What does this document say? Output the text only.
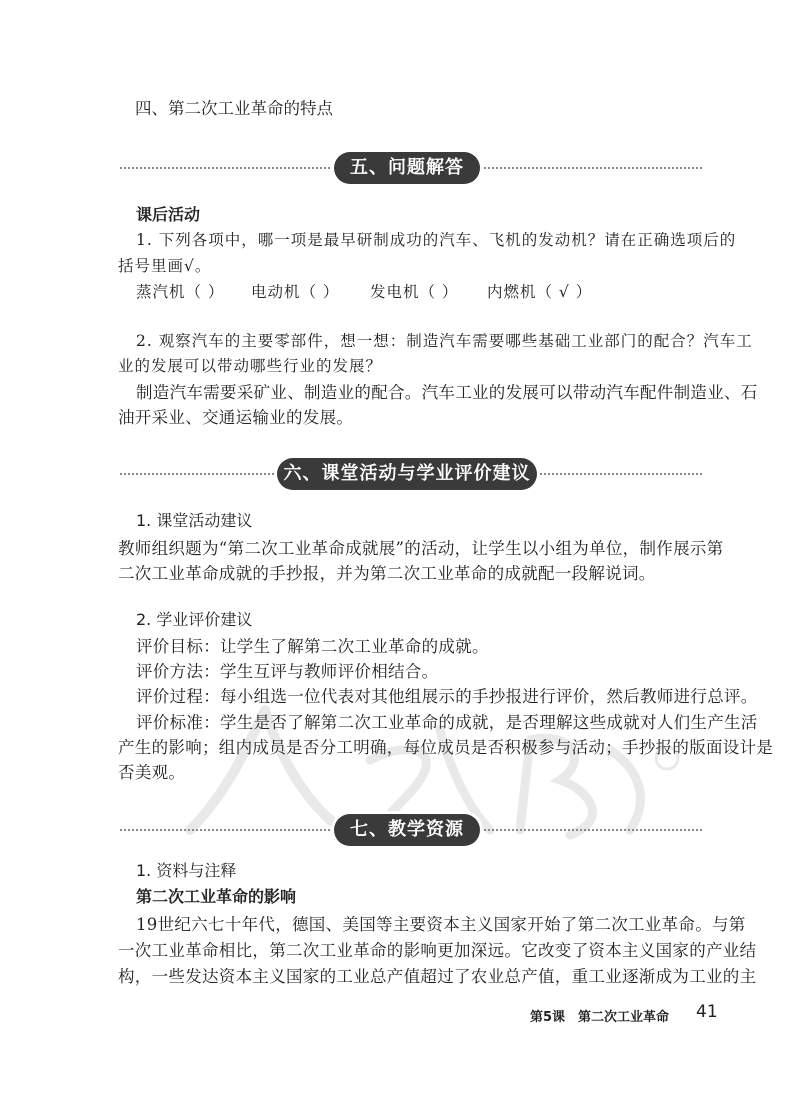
四、第二次工业革命的特点
五、问题解答
课后活动
1. 下列各项中，哪一项是最早研制成功的汽车、飞机的发动机？请在正确选项后的
括号里画√。
蒸汽机（ ） 电动机（ ） 发电机（ ） 内燃机（ √ ）
2. 观察汽车的主要零部件，想一想：制造汽车需要哪些基础工业部门的配合？汽车工
业的发展可以带动哪些行业的发展？
制造汽车需要采矿业、制造业的配合。汽车工业的发展可以带动汽车配件制造业、石
油开采业、交通运输业的发展。
六、课堂活动与学业评价建议
1. 课堂活动建议
教师组织题为“第二次工业革命成就展”的活动，让学生以小组为单位，制作展示第
二次工业革命成就的手抄报，并为第二次工业革命的成就配一段解说词。
2. 学业评价建议
评价目标：让学生了解第二次工业革命的成就。
评价方法：学生互评与教师评价相结合。
评价过程：每小组选一位代表对其他组展示的手抄报进行评价，然后教师进行总评。
评价标准：学生是否了解第二次工业革命的成就，是否理解这些成就对人们生产生活
产生的影响；组内成员是否分工明确，每位成员是否积极参与活动；手抄报的版面设计是
否美观。
七、教学资源
1. 资料与注释
第二次工业革命的影响
19世纪六七十年代，德国、美国等主要资本主义国家开始了第二次工业革命。与第
一次工业革命相比，第二次工业革命的影响更加深远。它改变了资本主义国家的产业结
构，一些发达资本主义国家的工业总产值超过了农业总产值，重工业逐渐成为工业的主
第5课　第二次工业革命 41
